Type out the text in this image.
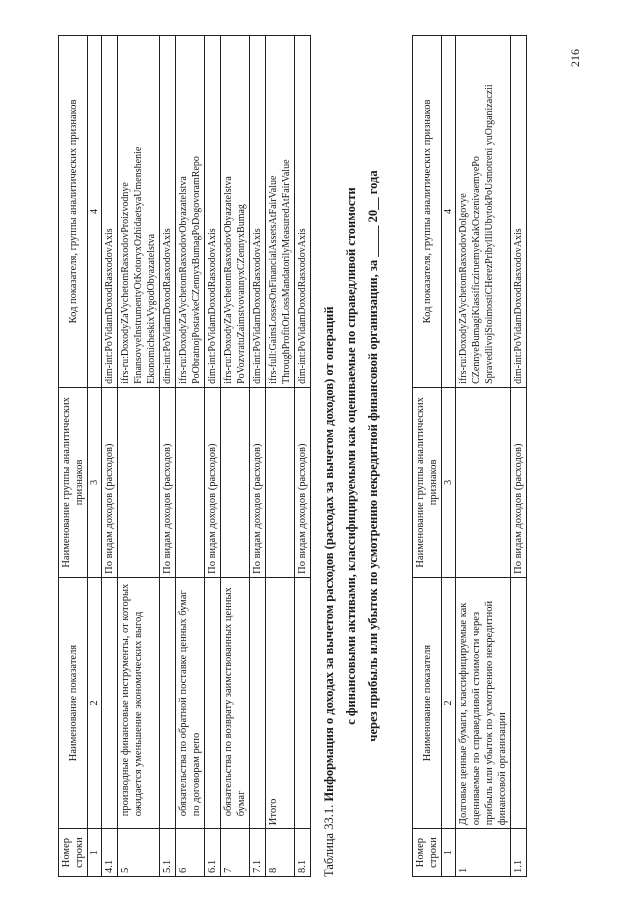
Номер строки	Наименование показателя	Наименование группы аналитических признаков	Код показателя, группы аналитических признаков
1	2	3	4
4.1		По видам доходов (расходов)	dim-int:PoVidamDoxodRasxodovAxis
5	производные финансовые инструменты, от которых ожидается уменьшение экономических выгод		ifrs-ru:DoxodyZaVychetomRasxodovProizvodnye FinansovyeInstrumentyOtKotoryxOzhidaetsyaUmenshenie EkonomicheskixVygodObyazatelstva
5.1		По видам доходов (расходов)	dim-int:PoVidamDoxodRasxodovAxis
6	обязательства по обратной поставке ценных бумаг по договорам репо		ifrs-ru:DoxodyZaVychetomRasxodovObyazatelstva PoObratnojPostavkeCZennyxBumagPoDogovoramRepo
6.1		По видам доходов (расходов)	dim-int:PoVidamDoxodRasxodovAxis
7	обязательства по возврату заимствованных ценных бумаг		ifrs-ru:DoxodyZaVychetomRasxodovObyazatelstva PoVozvratuZaimstvovannyxCZennyxBumag
7.1		По видам доходов (расходов)	dim-int:PoVidamDoxodRasxodovAxis
8	Итого		ifrs-full:GainsLossesOnFinancialAssetsAtFairValue ThroughProfitOrLossMandatorilyMeasuredAtFairValue
8.1		По видам доходов (расходов)	dim-int:PoVidamDoxodRasxodovAxis
Таблица 33.1. Информация о доходах за вычетом расходов (расходах за вычетом доходов) от операций с финансовыми активами, классифицируемыми как оцениваемые по справедливой стоимости через прибыль или убыток по усмотрению некредитной финансовой организации, за _____ 20__ года
Номер строки	Наименование показателя	Наименование группы аналитических признаков	Код показателя, группы аналитических признаков
1	2	3	4
1	Долговые ценные бумаги, классифицируемые как оцениваемые по справедливой стоимости через прибыль или убыток по усмотрению некредитной финансовой организации		ifrs-ru:DoxodyZaVychetomRasxodovDolgovye CZennyeBumagiKlassificziruemyeKakOczenivaemyePo SpravedlivojStoimostiCHerezPribylIliUbytokPoUsmotreni yuOrganizaczii
1.1		По видам доходов (расходов)	dim-int:PoVidamDoxodRasxodovAxis
216
